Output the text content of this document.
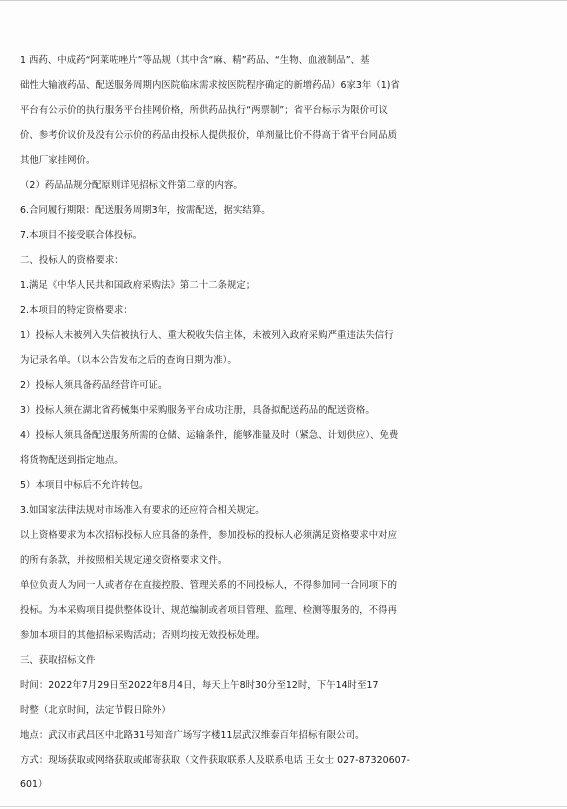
1 西药、中成药“阿莱咗唑片”等品规（其中含“麻、精”药品、“生物、血液制品”、基
础性大输液药品、配送服务周期内医院临床需求按医院程序确定的新增药品）6家3年（1)省
平台有公示价的执行服务平台挂网价格，所供药品执行“两票制”；省平台标示为限价可议
价、参考价议价及没有公示价的药品由投标人提供报价，单剂量比价不得高于省平台同品质
其他厂家挂网价。
（2）药品品规分配原则详见招标文件第二章的内容。
6.合同履行期限：配送服务周期3年，按需配送，据实结算。
7.本项目不接受联合体投标。
二、投标人的资格要求：
1.满足《中华人民共和国政府采购法》第二十二条规定；
2.本项目的特定资格要求：
1）投标人未被列入失信被执行人、重大税收失信主体，未被列入政府采购严重违法失信行
为记录名单。（以本公告发布之后的查询日期为准）。
2）投标人须具备药品经营许可证。
3）投标人须在湖北省药械集中采购服务平台成功注册，具备拟配送药品的配送资格。
4）投标人须具备配送服务所需的仓储、运输条件，能够准量及时（紧急、计划供应）、免费
将货物配送到指定地点。
5）本项目中标后不允许转包。
3.如国家法律法规对市场准入有要求的还应符合相关规定。
以上资格要求为本次招标投标人应具备的条件，参加投标的投标人必须满足资格要求中对应
的所有条款，并按照相关规定递交资格要求文件。
单位负责人为同一人或者存在直接控股、管理关系的不同投标人，不得参加同一合同项下的
投标。为本采购项目提供整体设计、规范编制或者项目管理、监理、检测等服务的，不得再
参加本项目的其他招标采购活动；否则均按无效投标处理。
三、获取招标文件
时间：2022年7月29日至2022年8月4日，每天上午8时30分至12时，下午14时至17
时整（北京时间，法定节假日除外）
地点：武汉市武昌区中北路31号知音广场写字楼11层武汉维泰百年招标有限公司。
方式：现场获取或网络获取或邮寄获取（文件获取联系人及联系电话 王女士 027-87320607-
601）
